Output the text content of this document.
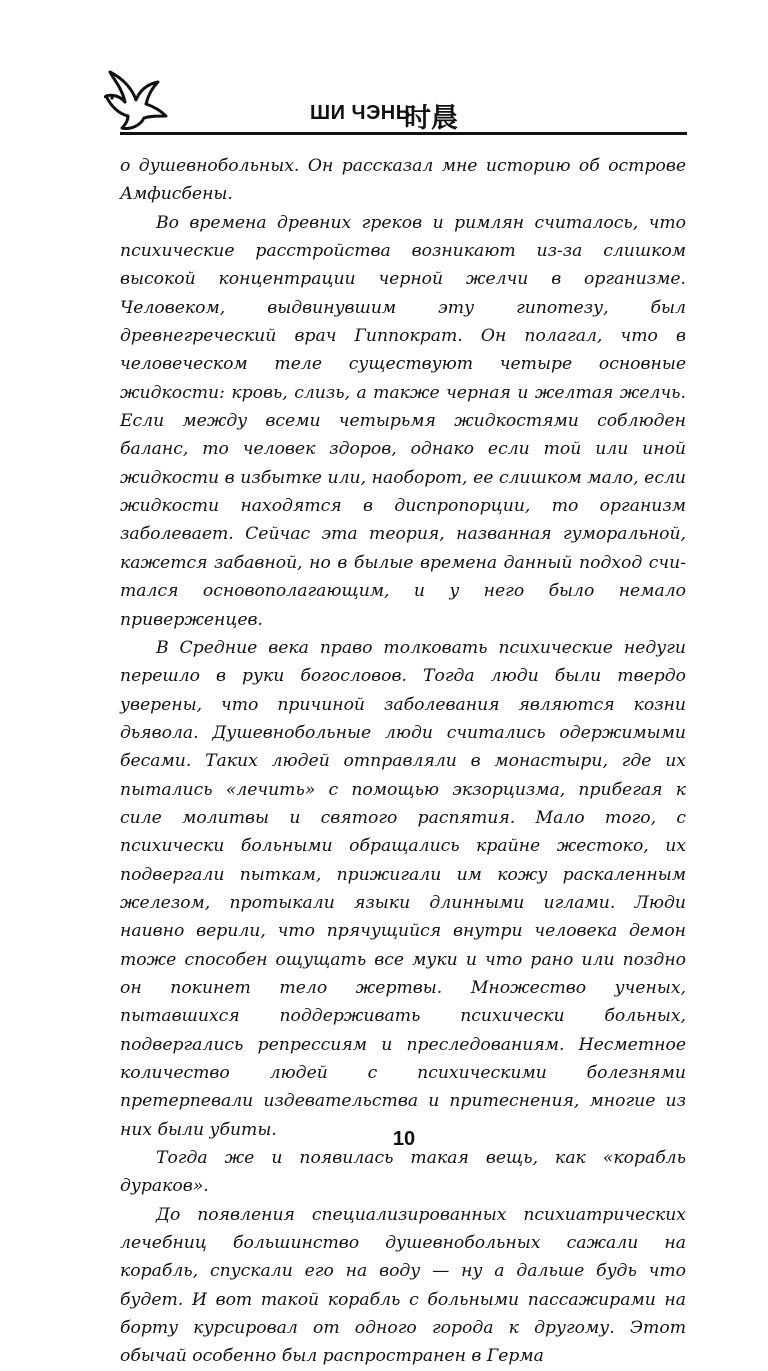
ШИ ЧЭНЬ
时晨

о душевнобольных. Он рассказал мне историю об острове Амфисбены.

Во времена древних греков и римлян считалось, что психические расстройства возникают из-за слишком высокой концентрации черной желчи в организме. Человеком, выдвинувшим эту гипотезу, был древнегреческий врач Гиппократ. Он полагал, что в человеческом теле существуют четыре основные жидкости: кровь, слизь, а также черная и желтая желчь. Если между всеми четырьмя жидкостями соблюден баланс, то человек здоров, однако если той или иной жидкости в избытке или, наоборот, ее слишком мало, если жидкости находятся в диспропорции, то организм заболевает. Сейчас эта теория, названная гуморальной, кажется забавной, но в былые времена данный подход считался основополагающим, и у него было немало приверженцев.

В Средние века право толковать психические недуги перешло в руки богословов. Тогда люди были твердо уверены, что причиной заболевания являются козни дьявола. Душевнобольные люди считались одержимыми бесами. Таких людей отправляли в монастыри, где их пытались «лечить» с помощью экзорцизма, прибегая к силе молитвы и святого распятия. Мало того, с психически больными обращались крайне жестоко, их подвергали пыткам, прижигали им кожу раскаленным железом, протыкали языки длинными иглами. Люди наивно верили, что прячущийся внутри человека демон тоже способен ощущать все муки и что рано или поздно он покинет тело жертвы. Множество ученых, пытавшихся поддерживать психически больных, подвергались репрессиям и преследованиям. Несметное количество людей с психическими болезнями претерпевали издевательства и притеснения, многие из них были убиты.

Тогда же и появилась такая вещь, как «корабль дураков».

До появления специализированных психиатрических лечебниц большинство душевнобольных сажали на корабль, спускали его на воду — ну а дальше будь что будет. И вот такой корабль с больными пассажирами на борту курсировал от одного города к другому. Этот обычай особенно был распространен в Герма

10
